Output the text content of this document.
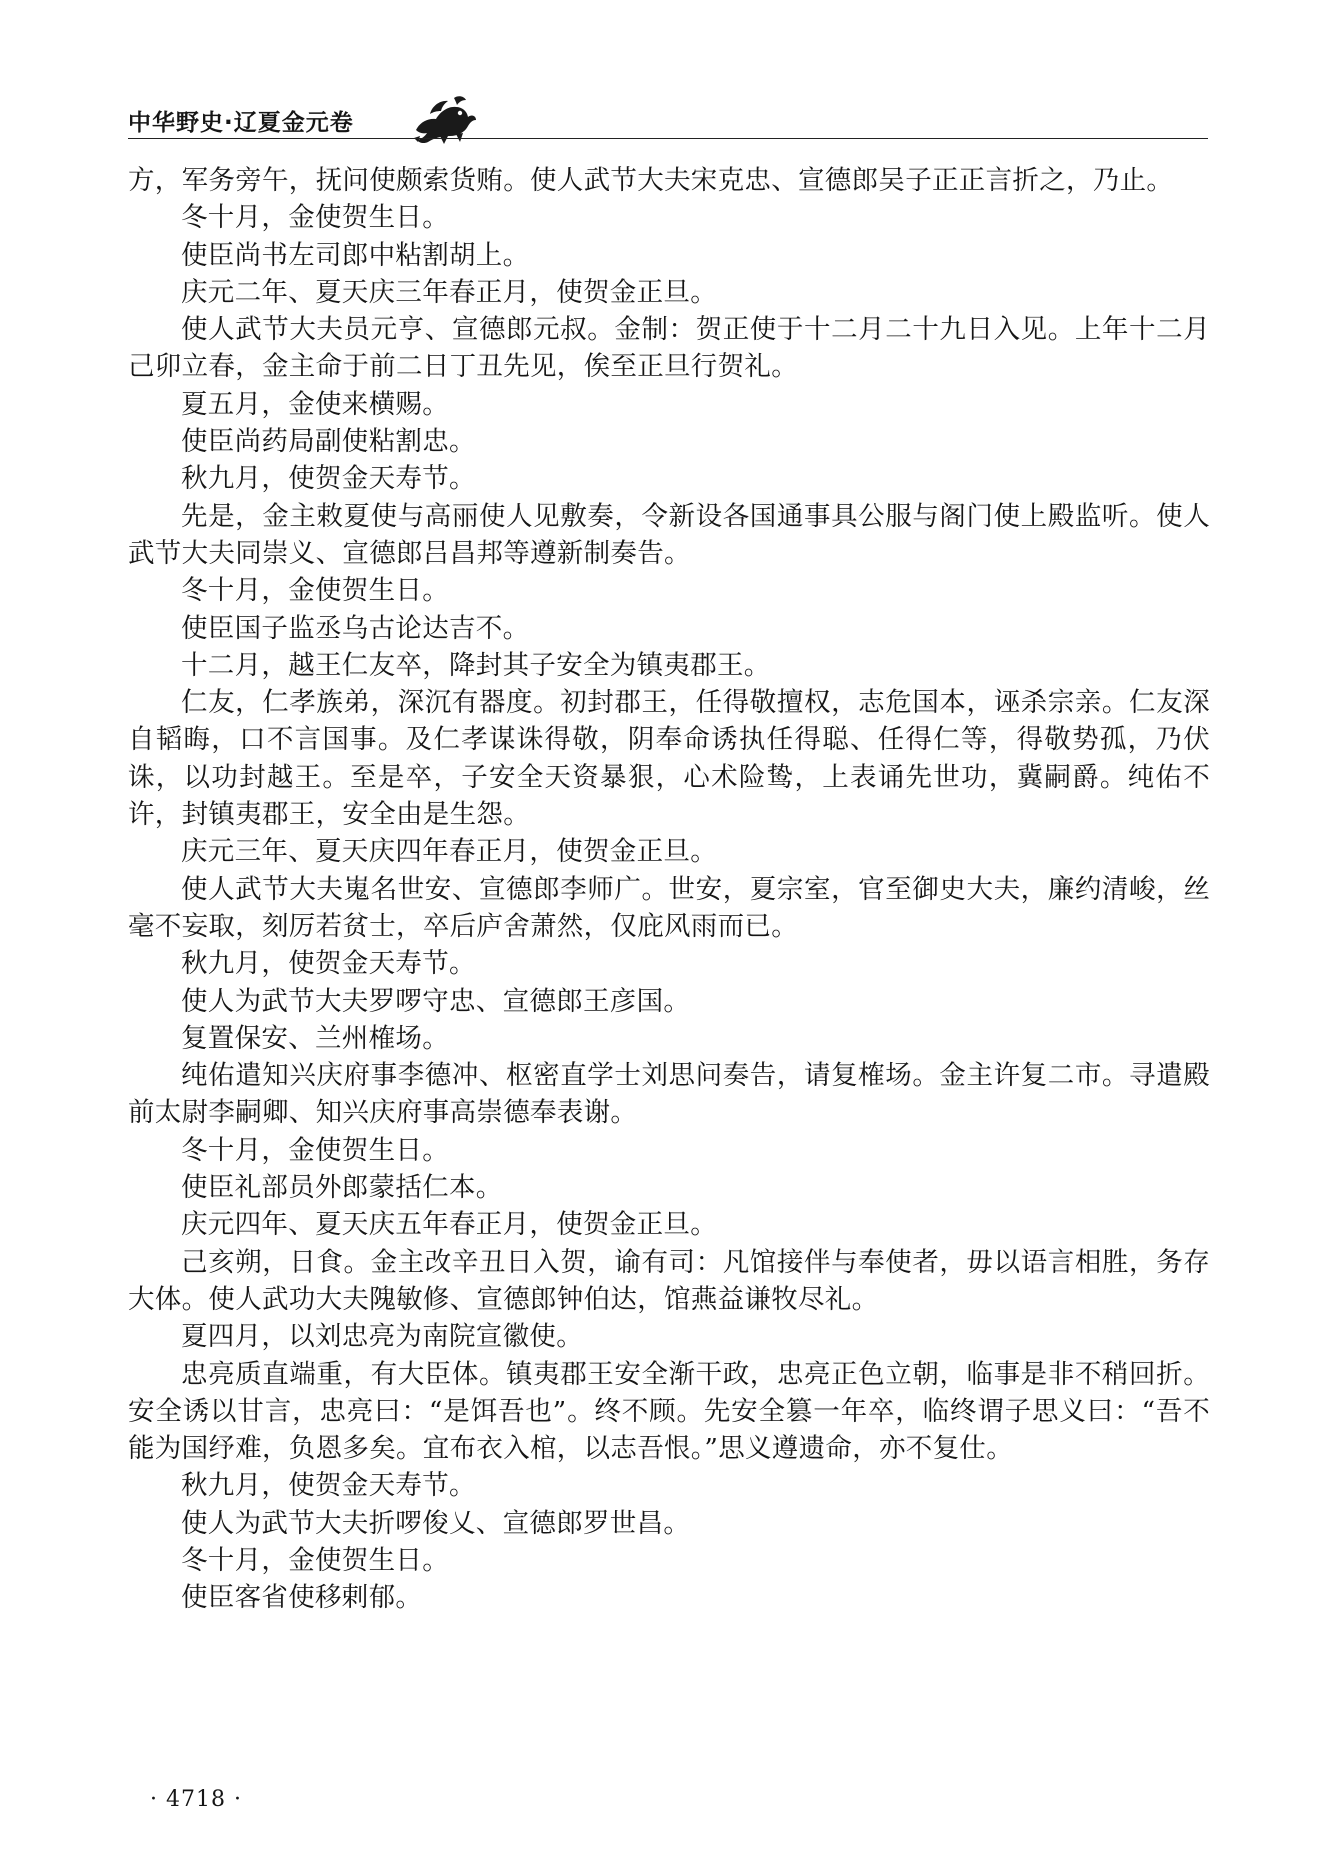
中华野史·辽夏金元卷

方，军务旁午，抚问使颇索货贿。使人武节大夫宋克忠、宣德郎吴子正正言折之，乃止。

冬十月，金使贺生日。

使臣尚书左司郎中粘割胡上。

庆元二年、夏天庆三年春正月，使贺金正旦。

使人武节大夫员元亨、宣德郎元叔。金制：贺正使于十二月二十九日入见。上年十二月己卯立春，金主命于前二日丁丑先见，俟至正旦行贺礼。

夏五月，金使来横赐。

使臣尚药局副使粘割忠。

秋九月，使贺金天寿节。

先是，金主敕夏使与高丽使人见敷奏，令新设各国通事具公服与阁门使上殿监听。使人武节大夫同崇义、宣德郎吕昌邦等遵新制奏告。

冬十月，金使贺生日。

使臣国子监丞乌古论达吉不。

十二月，越王仁友卒，降封其子安全为镇夷郡王。

仁友，仁孝族弟，深沉有器度。初封郡王，任得敬擅权，志危国本，诬杀宗亲。仁友深自韬晦，口不言国事。及仁孝谋诛得敬，阴奉命诱执任得聪、任得仁等，得敬势孤，乃伏诛，以功封越王。至是卒，子安全天资暴狠，心术险鸷，上表诵先世功，冀嗣爵。纯佑不许，封镇夷郡王，安全由是生怨。

庆元三年、夏天庆四年春正月，使贺金正旦。

使人武节大夫嵬名世安、宣德郎李师广。世安，夏宗室，官至御史大夫，廉约清峻，丝毫不妄取，刻厉若贫士，卒后庐舍萧然，仅庇风雨而已。

秋九月，使贺金天寿节。

使人为武节大夫罗啰守忠、宣德郎王彦国。

复置保安、兰州榷场。

纯佑遣知兴庆府事李德冲、枢密直学士刘思问奏告，请复榷场。金主许复二市。寻遣殿前太尉李嗣卿、知兴庆府事高崇德奉表谢。

冬十月，金使贺生日。

使臣礼部员外郎蒙括仁本。

庆元四年、夏天庆五年春正月，使贺金正旦。

己亥朔，日食。金主改辛丑日入贺，谕有司：凡馆接伴与奉使者，毋以语言相胜，务存大体。使人武功大夫隗敏修、宣德郎钟伯达，馆燕益谦牧尽礼。

夏四月，以刘忠亮为南院宣徽使。

忠亮质直端重，有大臣体。镇夷郡王安全渐干政，忠亮正色立朝，临事是非不稍回折。安全诱以甘言，忠亮曰：“是饵吾也”。终不顾。先安全篡一年卒，临终谓子思义曰：“吾不能为国纾难，负恩多矣。宜布衣入棺，以志吾恨。”思义遵遗命，亦不复仕。

秋九月，使贺金天寿节。

使人为武节大夫折啰俊乂、宣德郎罗世昌。

冬十月，金使贺生日。

使臣客省使移剌郁。

· 4718 ·
